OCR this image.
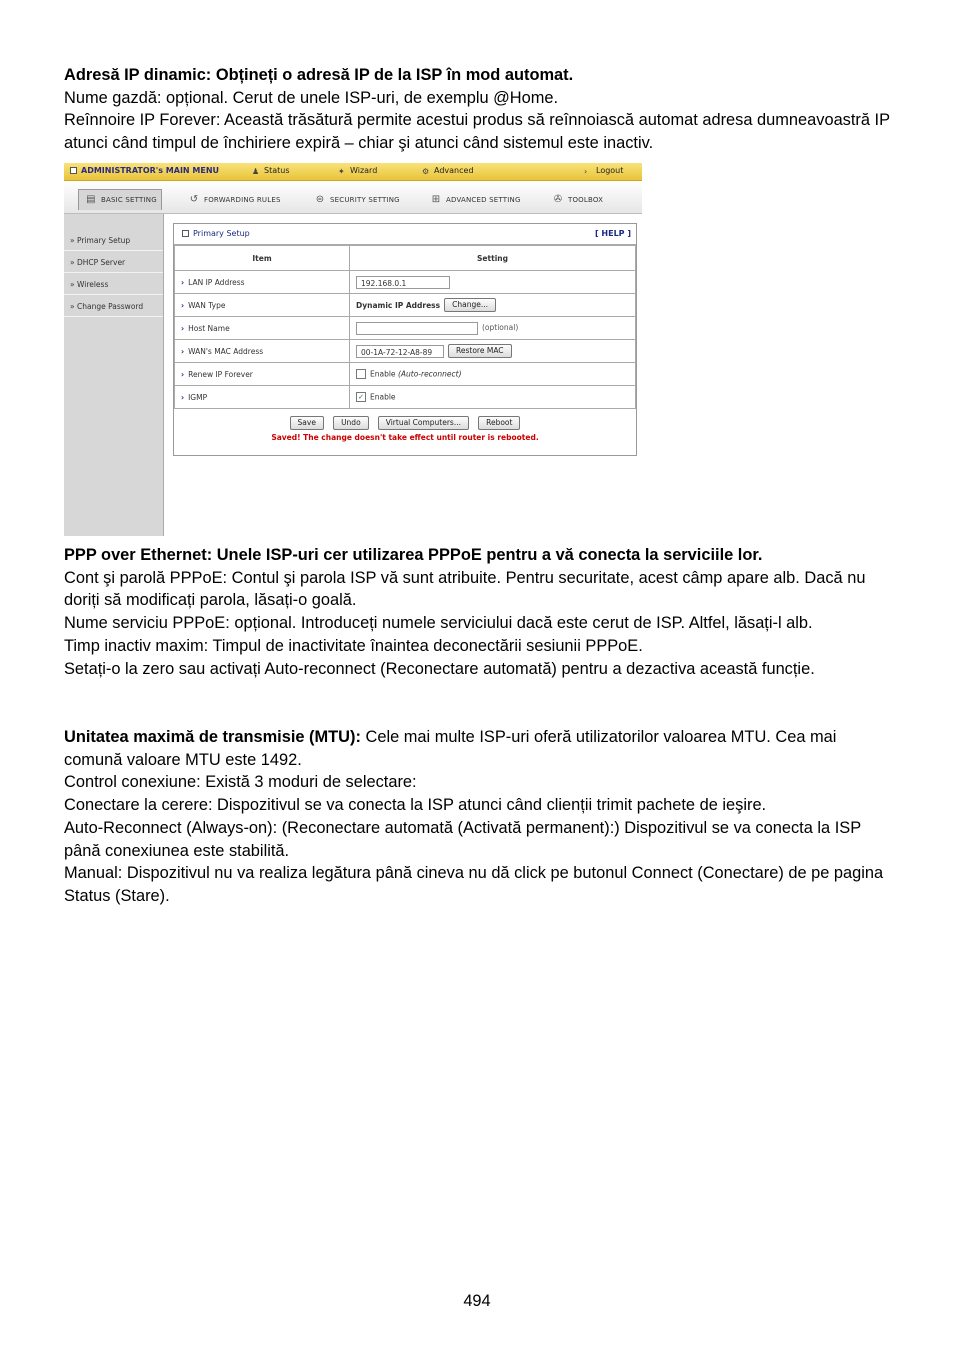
Adresă IP dinamic: Obțineți o adresă IP de la ISP în mod automat.

Nume gazdă: opțional. Cerut de unele ISP-uri, de exemplu @Home.

Reînnoire IP Forever: Această trăsătură permite acestui produs să reînnoiască automat adresa dumneavoastră IP atunci când timpul de închiriere expiră – chiar şi atunci când sistemul este inactiv.

ADMINISTRATOR's MAIN MENU	♟ Status	✦ Wizard	⚙ Advanced	› Logout
▤ BASIC SETTING	↺ FORWARDING RULES	⊜ SECURITY SETTING	⊞ ADVANCED SETTING	✇ TOOLBOX
» Primary Setup
» DHCP Server
» Wireless
» Change Password
Primary Setup	[ HELP ]
Item	Setting
› LAN IP Address	192.168.0.1
› WAN Type	Dynamic IP Address Change...
› Host Name	(optional)
› WAN's MAC Address	00-1A-72-12-A8-89 Restore MAC
› Renew IP Forever	Enable (Auto-reconnect)
› IGMP	✓ Enable
Save	Undo	Virtual Computers...	Reboot
Saved! The change doesn't take effect until router is rebooted.

PPP over Ethernet: Unele ISP-uri cer utilizarea PPPoE pentru a vă conecta la serviciile lor.

Cont şi parolă PPPoE: Contul şi parola ISP vă sunt atribuite. Pentru securitate, acest câmp apare alb. Dacă nu doriți să modificați parola, lăsați-o goală.

Nume serviciu PPPoE: opțional. Introduceți numele serviciului dacă este cerut de ISP. Altfel, lăsați-l alb.

Timp inactiv maxim: Timpul de inactivitate înaintea deconectării sesiunii PPPoE.

Setați-o la zero sau activați Auto-reconnect (Reconectare automată) pentru a dezactiva această funcție.

Unitatea maximă de transmisie (MTU): Cele mai multe ISP-uri oferă utilizatorilor valoarea MTU. Cea mai comună valoare MTU este 1492.

Control conexiune: Există 3 moduri de selectare:

Conectare la cerere: Dispozitivul se va conecta la ISP atunci când clienții trimit pachete de ieşire.

Auto-Reconnect (Always-on): (Reconectare automată (Activată permanent):) Dispozitivul se va conecta la ISP până conexiunea este stabilită.

Manual: Dispozitivul nu va realiza legătura până cineva nu dă click pe butonul Connect (Conectare) de pe pagina Status (Stare).

494
